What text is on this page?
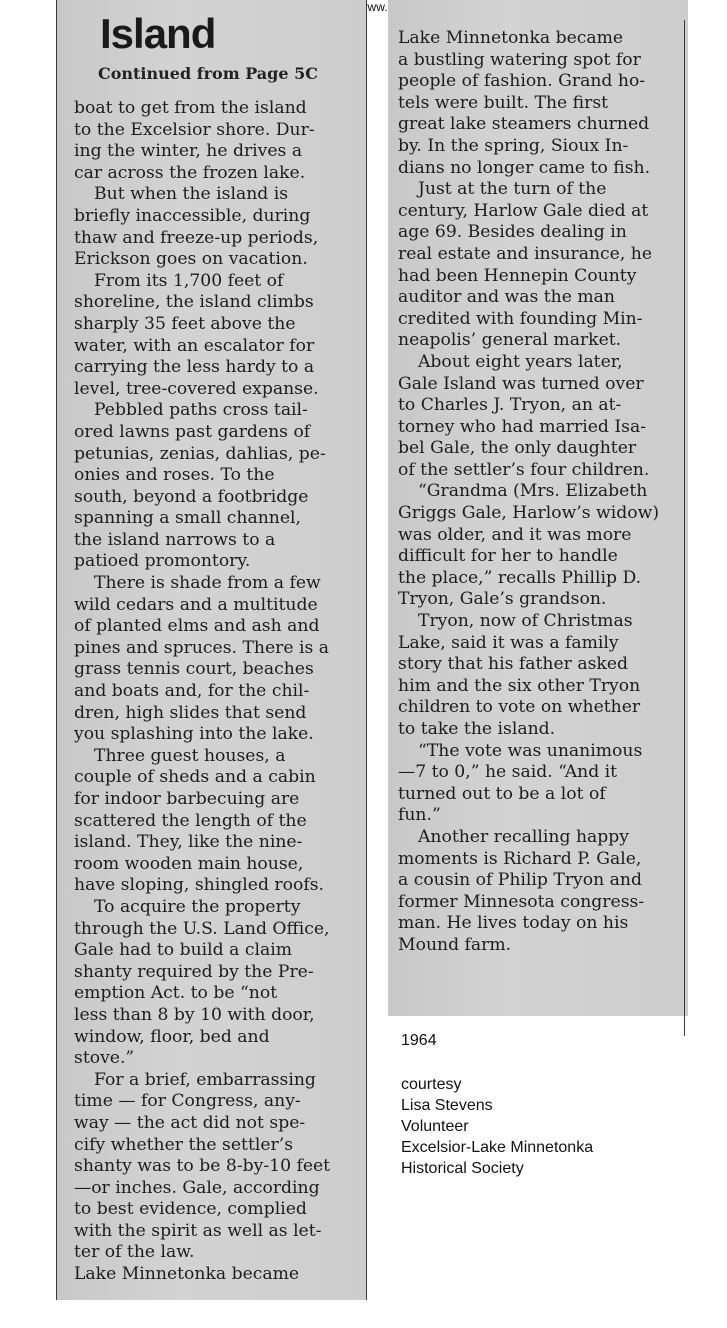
Island
Continued from Page 5C
boat to get from the island
to the Excelsior shore. Dur-
ing the winter, he drives a
car across the frozen lake.
But when the island is
briefly inaccessible, during
thaw and freeze-up periods,
Erickson goes on vacation.
From its 1,700 feet of
shoreline, the island climbs
sharply 35 feet above the
water, with an escalator for
carrying the less hardy to a
level, tree-covered expanse.
Pebbled paths cross tail-
ored lawns past gardens of
petunias, zenias, dahlias, pe-
onies and roses. To the
south, beyond a footbridge
spanning a small channel,
the island narrows to a
patioed promontory.
There is shade from a few
wild cedars and a multitude
of planted elms and ash and
pines and spruces. There is a
grass tennis court, beaches
and boats and, for the chil-
dren, high slides that send
you splashing into the lake.
Three guest houses, a
couple of sheds and a cabin
for indoor barbecuing are
scattered the length of the
island. They, like the nine-
room wooden main house,
have sloping, shingled roofs.
To acquire the property
through the U.S. Land Office,
Gale had to build a claim
shanty required by the Pre-
emption Act. to be “not
less than 8 by 10 with door,
window, floor, bed and
stove.”
For a brief, embarrassing
time — for Congress, any-
way — the act did not spe-
cify whether the settler’s
shanty was to be 8-by-10 feet
—or inches. Gale, according
to best evidence, complied
with the spirit as well as let-
ter of the law.
Lake Minnetonka became
Lake Minnetonka became
a bustling watering spot for
people of fashion. Grand ho-
tels were built. The first
great lake steamers churned
by. In the spring, Sioux In-
dians no longer came to fish.
Just at the turn of the
century, Harlow Gale died at
age 69. Besides dealing in
real estate and insurance, he
had been Hennepin County
auditor and was the man
credited with founding Min-
neapolis’ general market.
About eight years later,
Gale Island was turned over
to Charles J. Tryon, an at-
torney who had married Isa-
bel Gale, the only daughter
of the settler’s four children.
“Grandma (Mrs. Elizabeth
Griggs Gale, Harlow’s widow)
was older, and it was more
difficult for her to handle
the place,” recalls Phillip D.
Tryon, Gale’s grandson.
Tryon, now of Christmas
Lake, said it was a family
story that his father asked
him and the six other Tryon
children to vote on whether
to take the island.
“The vote was unanimous
—7 to 0,” he said. “And it
turned out to be a lot of
fun.”
Another recalling happy
moments is Richard P. Gale,
a cousin of Philip Tryon and
former Minnesota congress-
man. He lives today on his
Mound farm.
1964
courtesy
Lisa Stevens
Volunteer
Excelsior-Lake Minnetonka
Historical Society
